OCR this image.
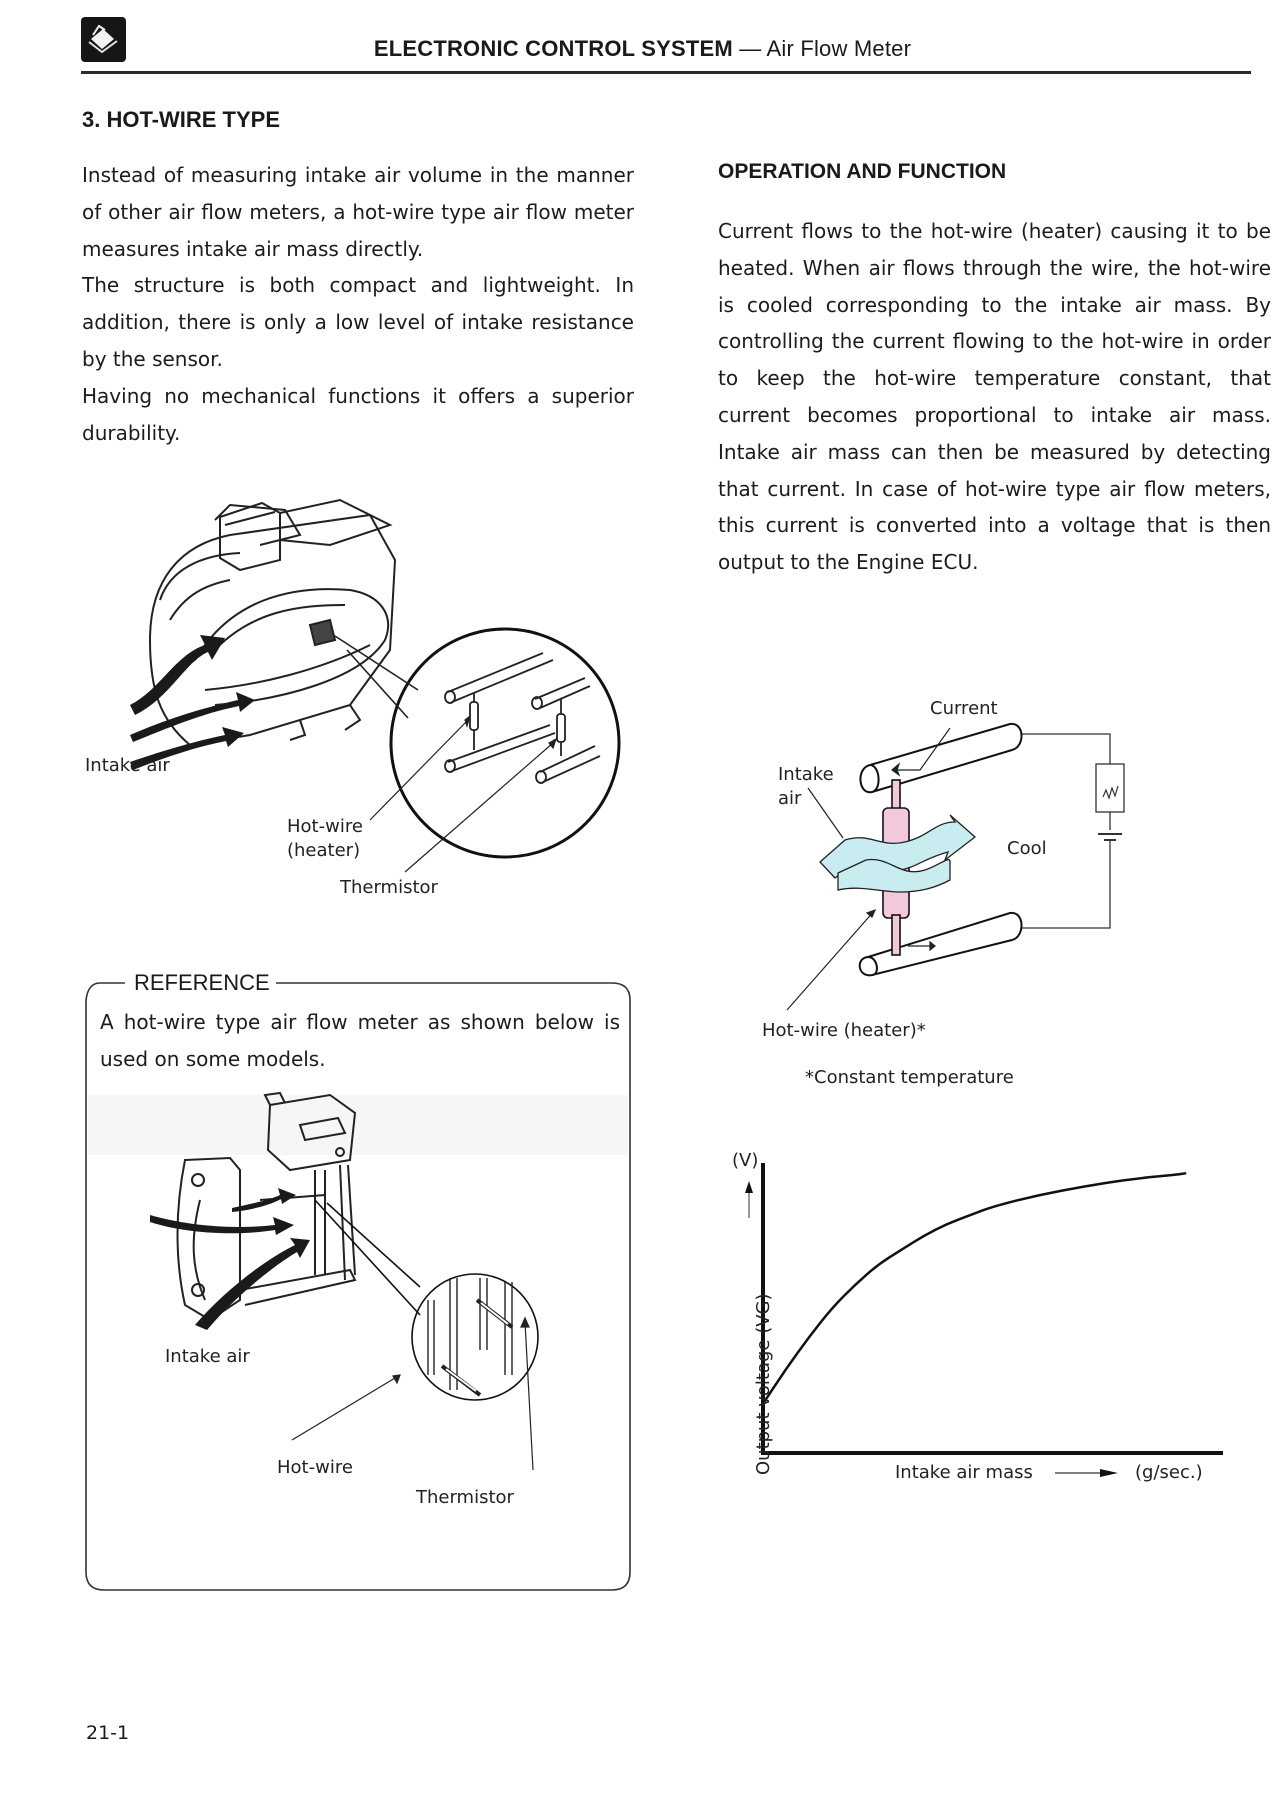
ELECTRONIC CONTROL SYSTEM — Air Flow Meter
3. HOT-WIRE TYPE

Instead of measuring intake air volume in the manner of other air flow meters, a hot-wire type air flow meter measures intake air mass directly.

The structure is both compact and lightweight. In addition, there is only a low level of intake resistance by the sensor.

Having no mechanical functions it offers a superior durability.

Intake air
Hot-wire
(heater)
Thermistor
REFERENCE
A hot-wire type air flow meter as shown below is used on some models.
Intake air
Hot-wire
Thermistor
OPERATION AND FUNCTION

Current flows to the hot-wire (heater) causing it to be heated. When air flows through the wire, the hot-wire is cooled corresponding to the intake air mass. By controlling the current flowing to the hot-wire in order to keep the hot-wire temperature constant, that current becomes proportional to intake air mass. Intake air mass can then be measured by detecting that current. In case of hot-wire type air flow meters, this current is converted into a voltage that is then output to the Engine ECU.

Current
Intake
air
Cool
Hot-wire (heater)*
*Constant temperature
(V)
Output voltage (VG)	Intake air mass	(g/sec.)
21-1
